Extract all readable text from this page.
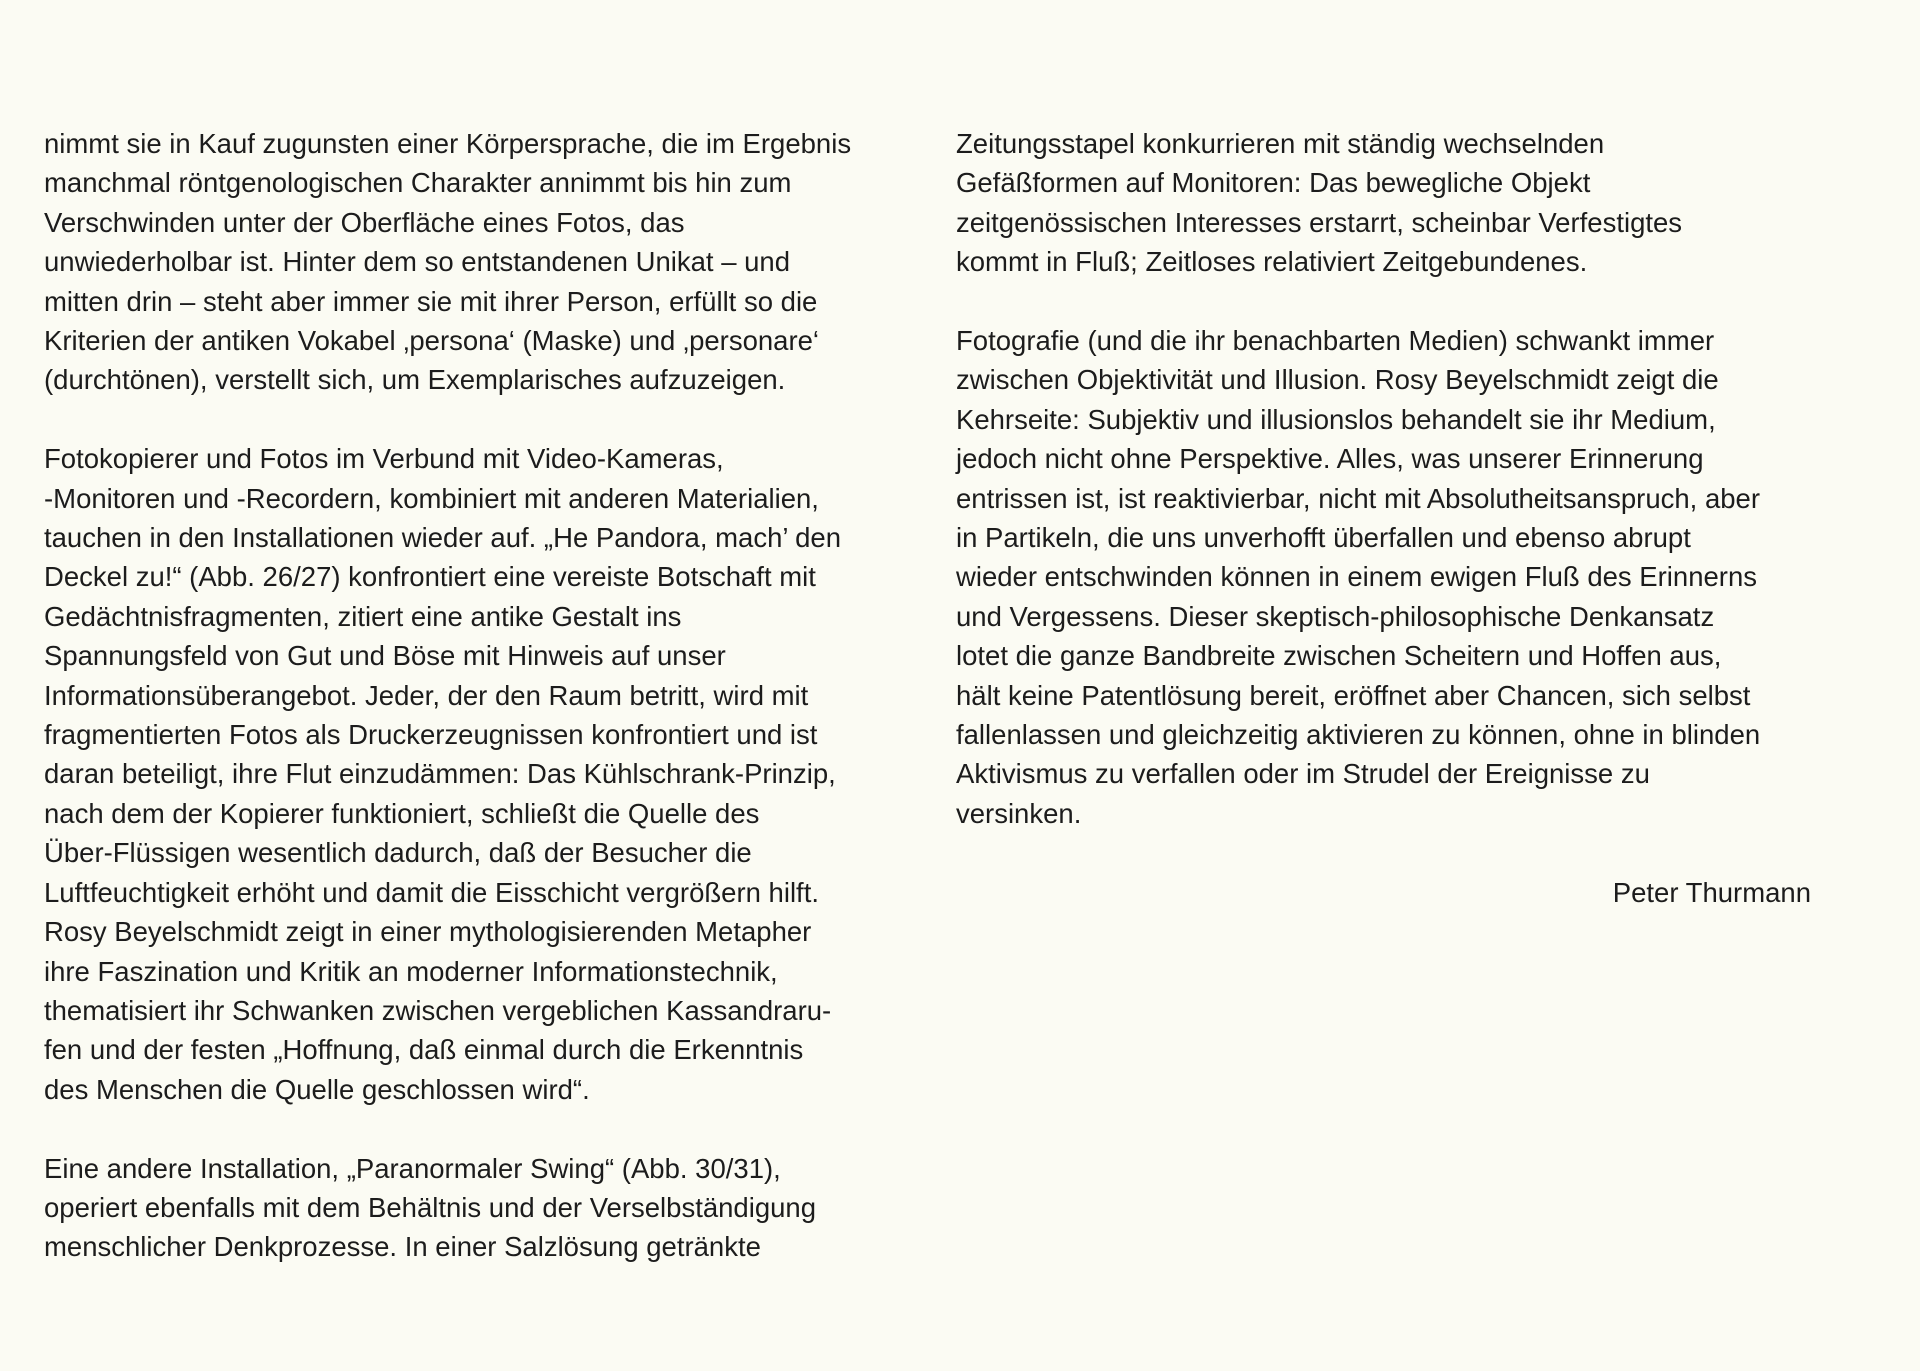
nimmt sie in Kauf zugunsten einer Körpersprache, die im Ergebnis
manchmal röntgenologischen Charakter annimmt bis hin zum
Verschwinden unter der Oberfläche eines Fotos, das
unwiederholbar ist. Hinter dem so entstandenen Unikat – und
mitten drin – steht aber immer sie mit ihrer Person, erfüllt so die
Kriterien der antiken Vokabel ‚persona‘ (Maske) und ‚personare‘
(durchtönen), verstellt sich, um Exemplarisches aufzuzeigen.

Fotokopierer und Fotos im Verbund mit Video-Kameras,
-Monitoren und -Recordern, kombiniert mit anderen Materialien,
tauchen in den Installationen wieder auf. „He Pandora, mach’ den
Deckel zu!“ (Abb. 26/27) konfrontiert eine vereiste Botschaft mit
Gedächtnisfragmenten, zitiert eine antike Gestalt ins
Spannungsfeld von Gut und Böse mit Hinweis auf unser
Informationsüberangebot. Jeder, der den Raum betritt, wird mit
fragmentierten Fotos als Druckerzeugnissen konfrontiert und ist
daran beteiligt, ihre Flut einzudämmen: Das Kühlschrank-Prinzip,
nach dem der Kopierer funktioniert, schließt die Quelle des
Über-Flüssigen wesentlich dadurch, daß der Besucher die
Luftfeuchtigkeit erhöht und damit die Eisschicht vergrößern hilft.
Rosy Beyelschmidt zeigt in einer mythologisierenden Metapher
ihre Faszination und Kritik an moderner Informationstechnik,
thematisiert ihr Schwanken zwischen vergeblichen Kassandraru-
fen und der festen „Hoffnung, daß einmal durch die Erkenntnis
des Menschen die Quelle geschlossen wird“.

Eine andere Installation, „Paranormaler Swing“ (Abb. 30/31),
operiert ebenfalls mit dem Behältnis und der Verselbständigung
menschlicher Denkprozesse. In einer Salzlösung getränkte

Zeitungsstapel konkurrieren mit ständig wechselnden
Gefäßformen auf Monitoren: Das bewegliche Objekt
zeitgenössischen Interesses erstarrt, scheinbar Verfestigtes
kommt in Fluß; Zeitloses relativiert Zeitgebundenes.

Fotografie (und die ihr benachbarten Medien) schwankt immer
zwischen Objektivität und Illusion. Rosy Beyelschmidt zeigt die
Kehrseite: Subjektiv und illusionslos behandelt sie ihr Medium,
jedoch nicht ohne Perspektive. Alles, was unserer Erinnerung
entrissen ist, ist reaktivierbar, nicht mit Absolutheitsanspruch, aber
in Partikeln, die uns unverhofft überfallen und ebenso abrupt
wieder entschwinden können in einem ewigen Fluß des Erinnerns
und Vergessens. Dieser skeptisch-philosophische Denkansatz
lotet die ganze Bandbreite zwischen Scheitern und Hoffen aus,
hält keine Patentlösung bereit, eröffnet aber Chancen, sich selbst
fallenlassen und gleichzeitig aktivieren zu können, ohne in blinden
Aktivismus zu verfallen oder im Strudel der Ereignisse zu
versinken.

Peter Thurmann
